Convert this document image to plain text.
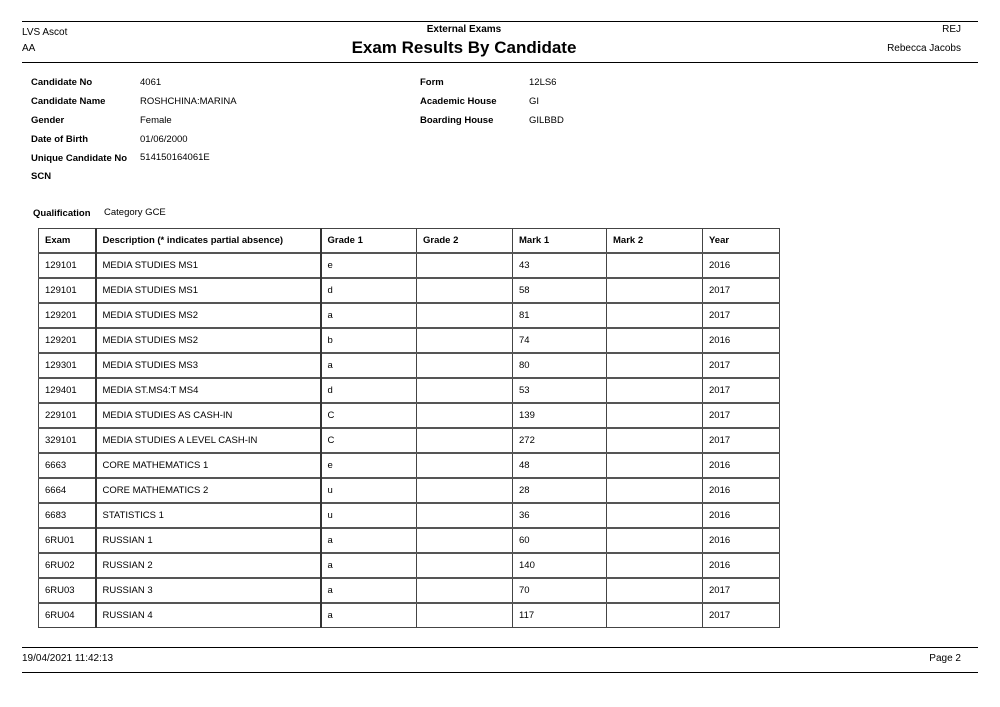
LVS Ascot
AA
External Exams
Exam Results By Candidate
REJ
Rebecca Jacobs
Candidate No	4061
Candidate Name	ROSHCHINA:MARINA
Gender	Female
Date of Birth	01/06/2000
Unique Candidate No 514150164061E
SCN
Form	12LS6
Academic House	GI
Boarding House	GILBBD
Qualification Category GCE
Exam	Description (* indicates partial absence)	Grade 1	Grade 2	Mark 1	Mark 2	Year
129101	MEDIA STUDIES MS1	e		43		2016
129101	MEDIA STUDIES MS1	d		58		2017
129201	MEDIA STUDIES MS2	a		81		2017
129201	MEDIA STUDIES MS2	b		74		2016
129301	MEDIA STUDIES MS3	a		80		2017
129401	MEDIA ST.MS4:T MS4	d		53		2017
229101	MEDIA STUDIES AS CASH-IN	C		139		2017
329101	MEDIA STUDIES A LEVEL CASH-IN	C		272		2017
6663	CORE MATHEMATICS 1	e		48		2016
6664	CORE MATHEMATICS 2	u		28		2016
6683	STATISTICS 1	u		36		2016
6RU01	RUSSIAN 1	a		60		2016
6RU02	RUSSIAN 2	a		140		2016
6RU03	RUSSIAN 3	a		70		2017
6RU04	RUSSIAN 4	a		117		2017
19/04/2021 11:42:13	Page 2
